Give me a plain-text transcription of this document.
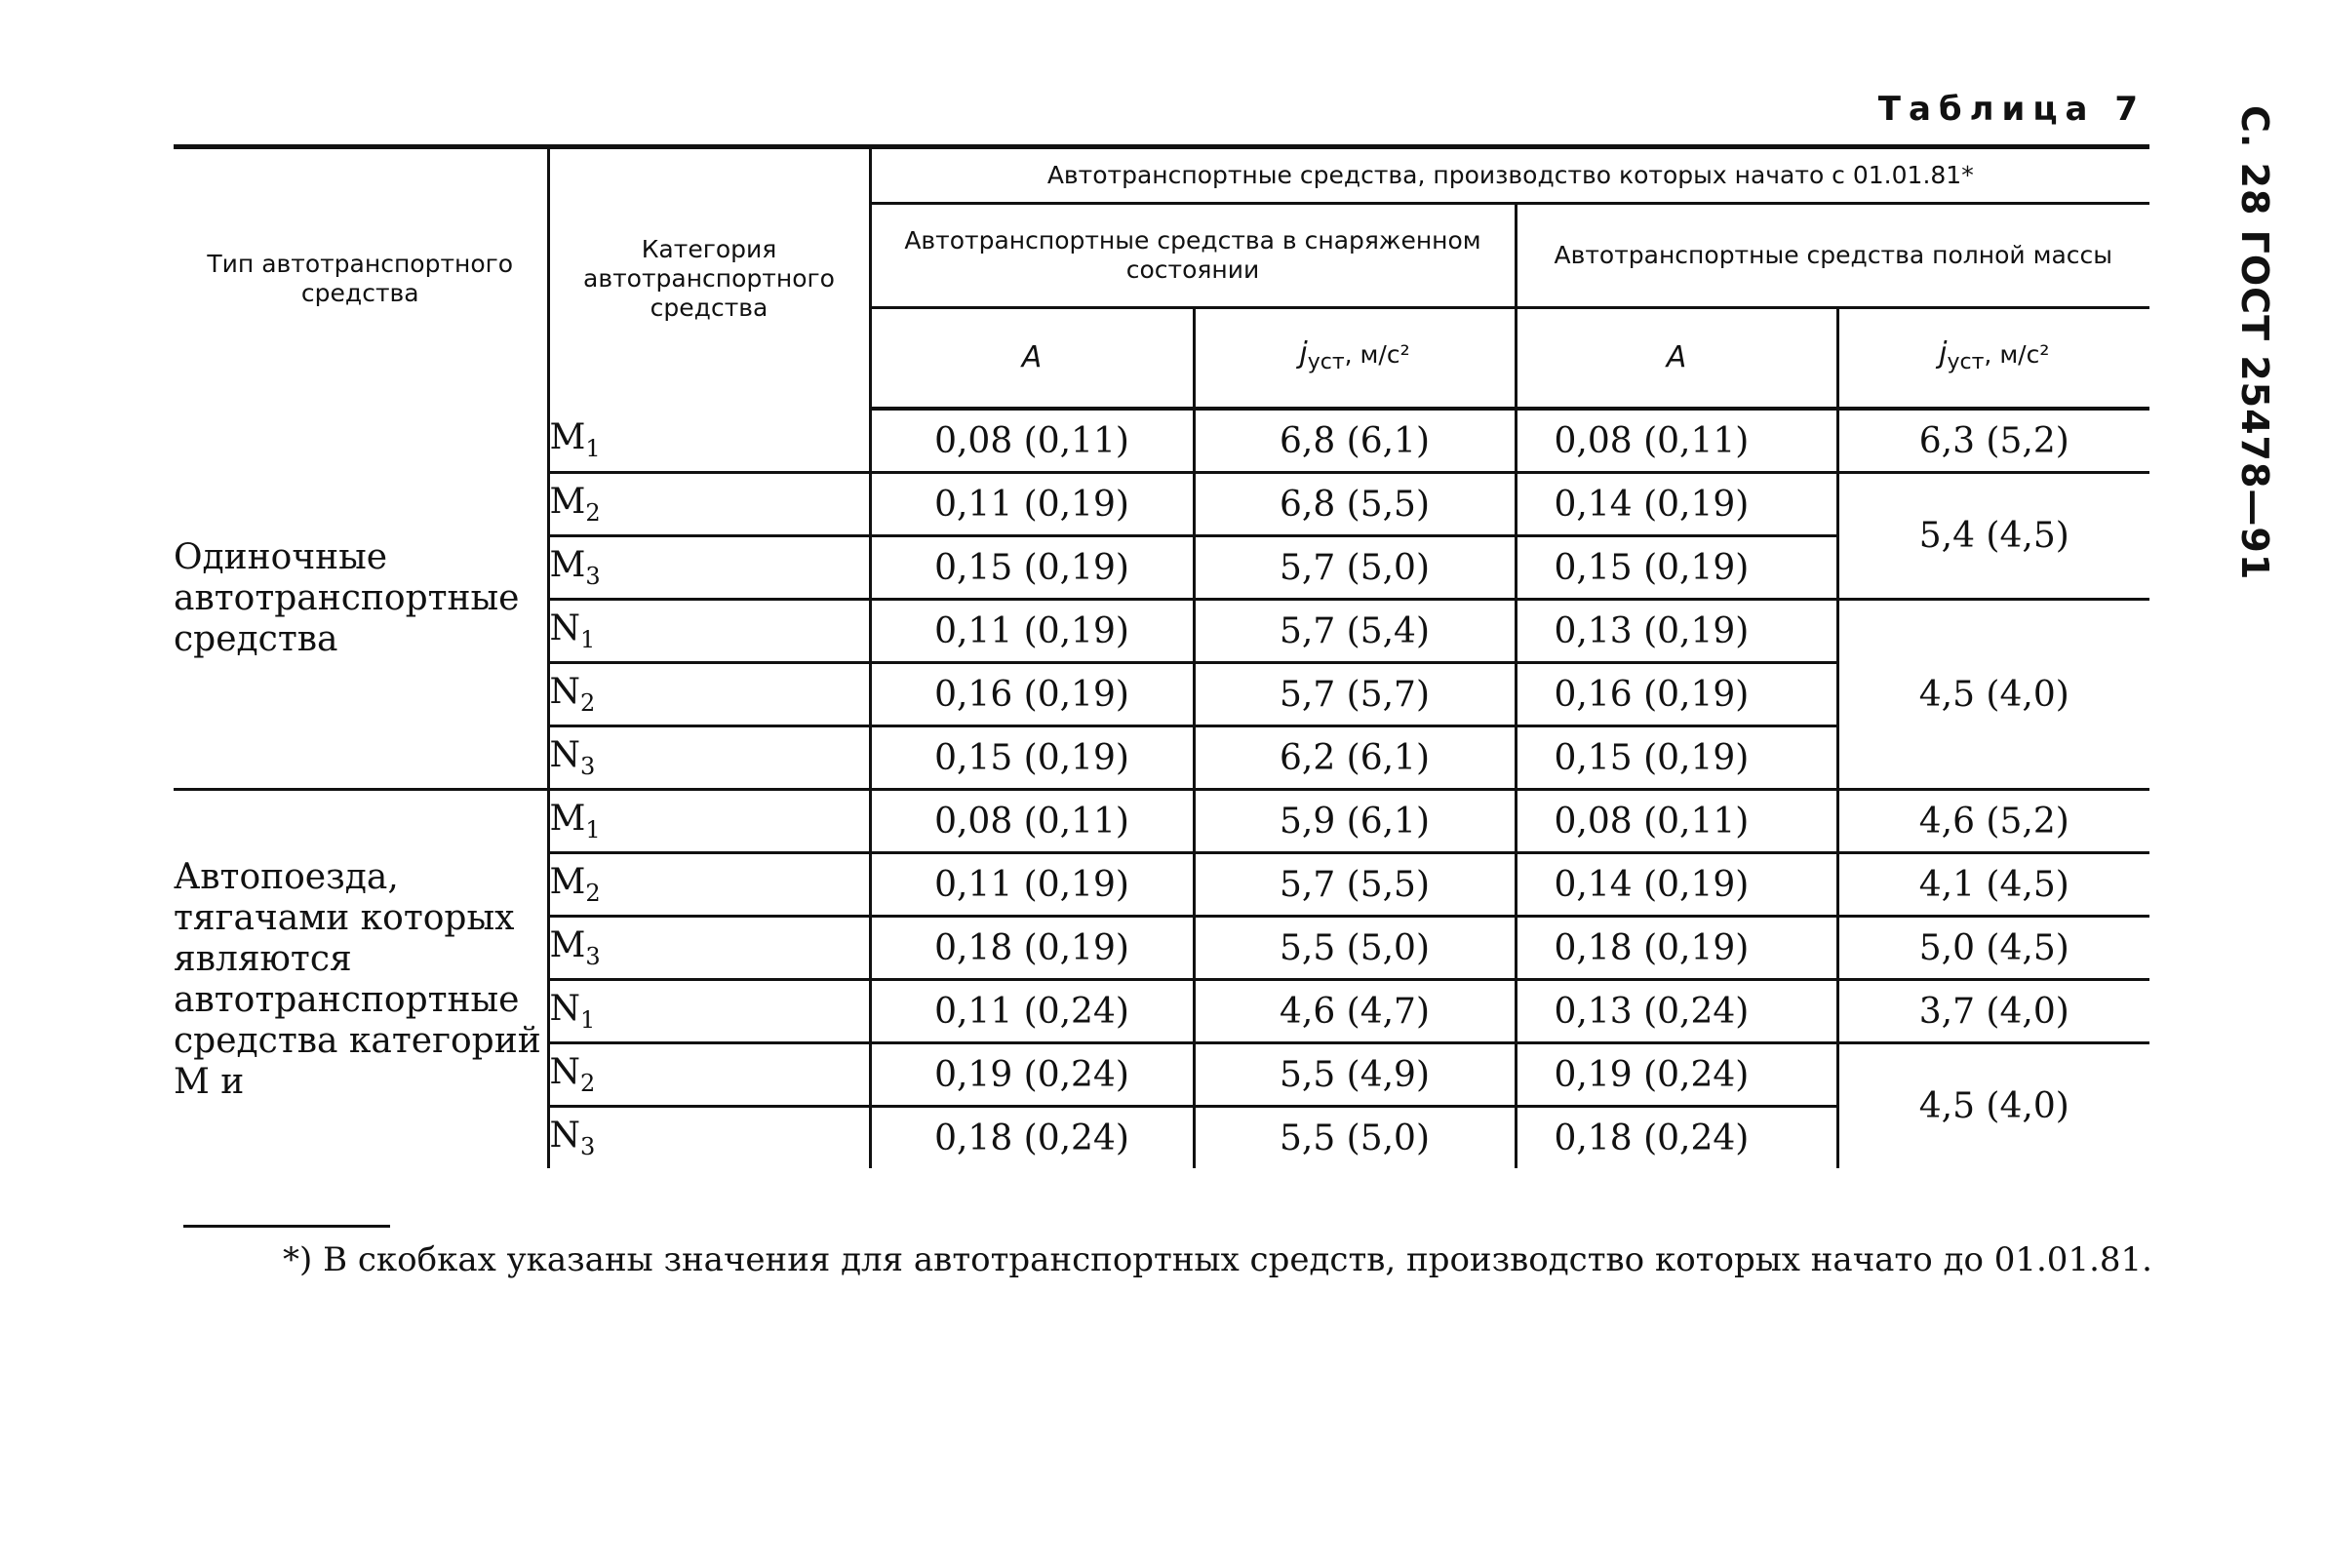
Таблица 7 С. 28 ГОСТ 25478—91
Тип автотранспортного средства	Категория автотранспортного средства	Автотранспортные средства, производство которых начато с 01.01.81*			
		Автотранспортные средства в снаряженном состоянии		Автотранспортные средства полной массы	
		A	$j_{уст}$, м/с²	A	$j_{уст}$, м/с²
Одиночные автотранспортные средства	$M_1$	0,08 (0,11)	6,8 (6,1)	0,08 (0,11)	6,3 (5,2)
	$M_2$	0,11 (0,19)	6,8 (5,5)	0,14 (0,19)	5,4 (4,5)
	$M_3$	0,15 (0,19)	5,7 (5,0)	0,15 (0,19)	
	$N_1$	0,11 (0,19)	5,7 (5,4)	0,13 (0,19)	4,5 (4,0)
	$N_2$	0,16 (0,19)	5,7 (5,7)	0,16 (0,19)	
	$N_3$	0,15 (0,19)	6,2 (6,1)	0,15 (0,19)	
Автопоезда, тягачами которых являются автотранспортные средства категорий М и	$M_1$	0,08 (0,11)	5,9 (6,1)	0,08 (0,11)	4,6 (5,2)
	$M_2$	0,11 (0,19)	5,7 (5,5)	0,14 (0,19)	4,1 (4,5)
	$M_3$	0,18 (0,19)	5,5 (5,0)	0,18 (0,19)	5,0 (4,5)
	$N_1$	0,11 (0,24)	4,6 (4,7)	0,13 (0,24)	3,7 (4,0)
	$N_2$	0,19 (0,24)	5,5 (4,9)	0,19 (0,24)	4,5 (4,0)
	$N_3$	0,18 (0,24)	5,5 (5,0)	0,18 (0,24)	
*) В скобках указаны значения для автотранспортных средств, производство которых начато до 01.01.81.
